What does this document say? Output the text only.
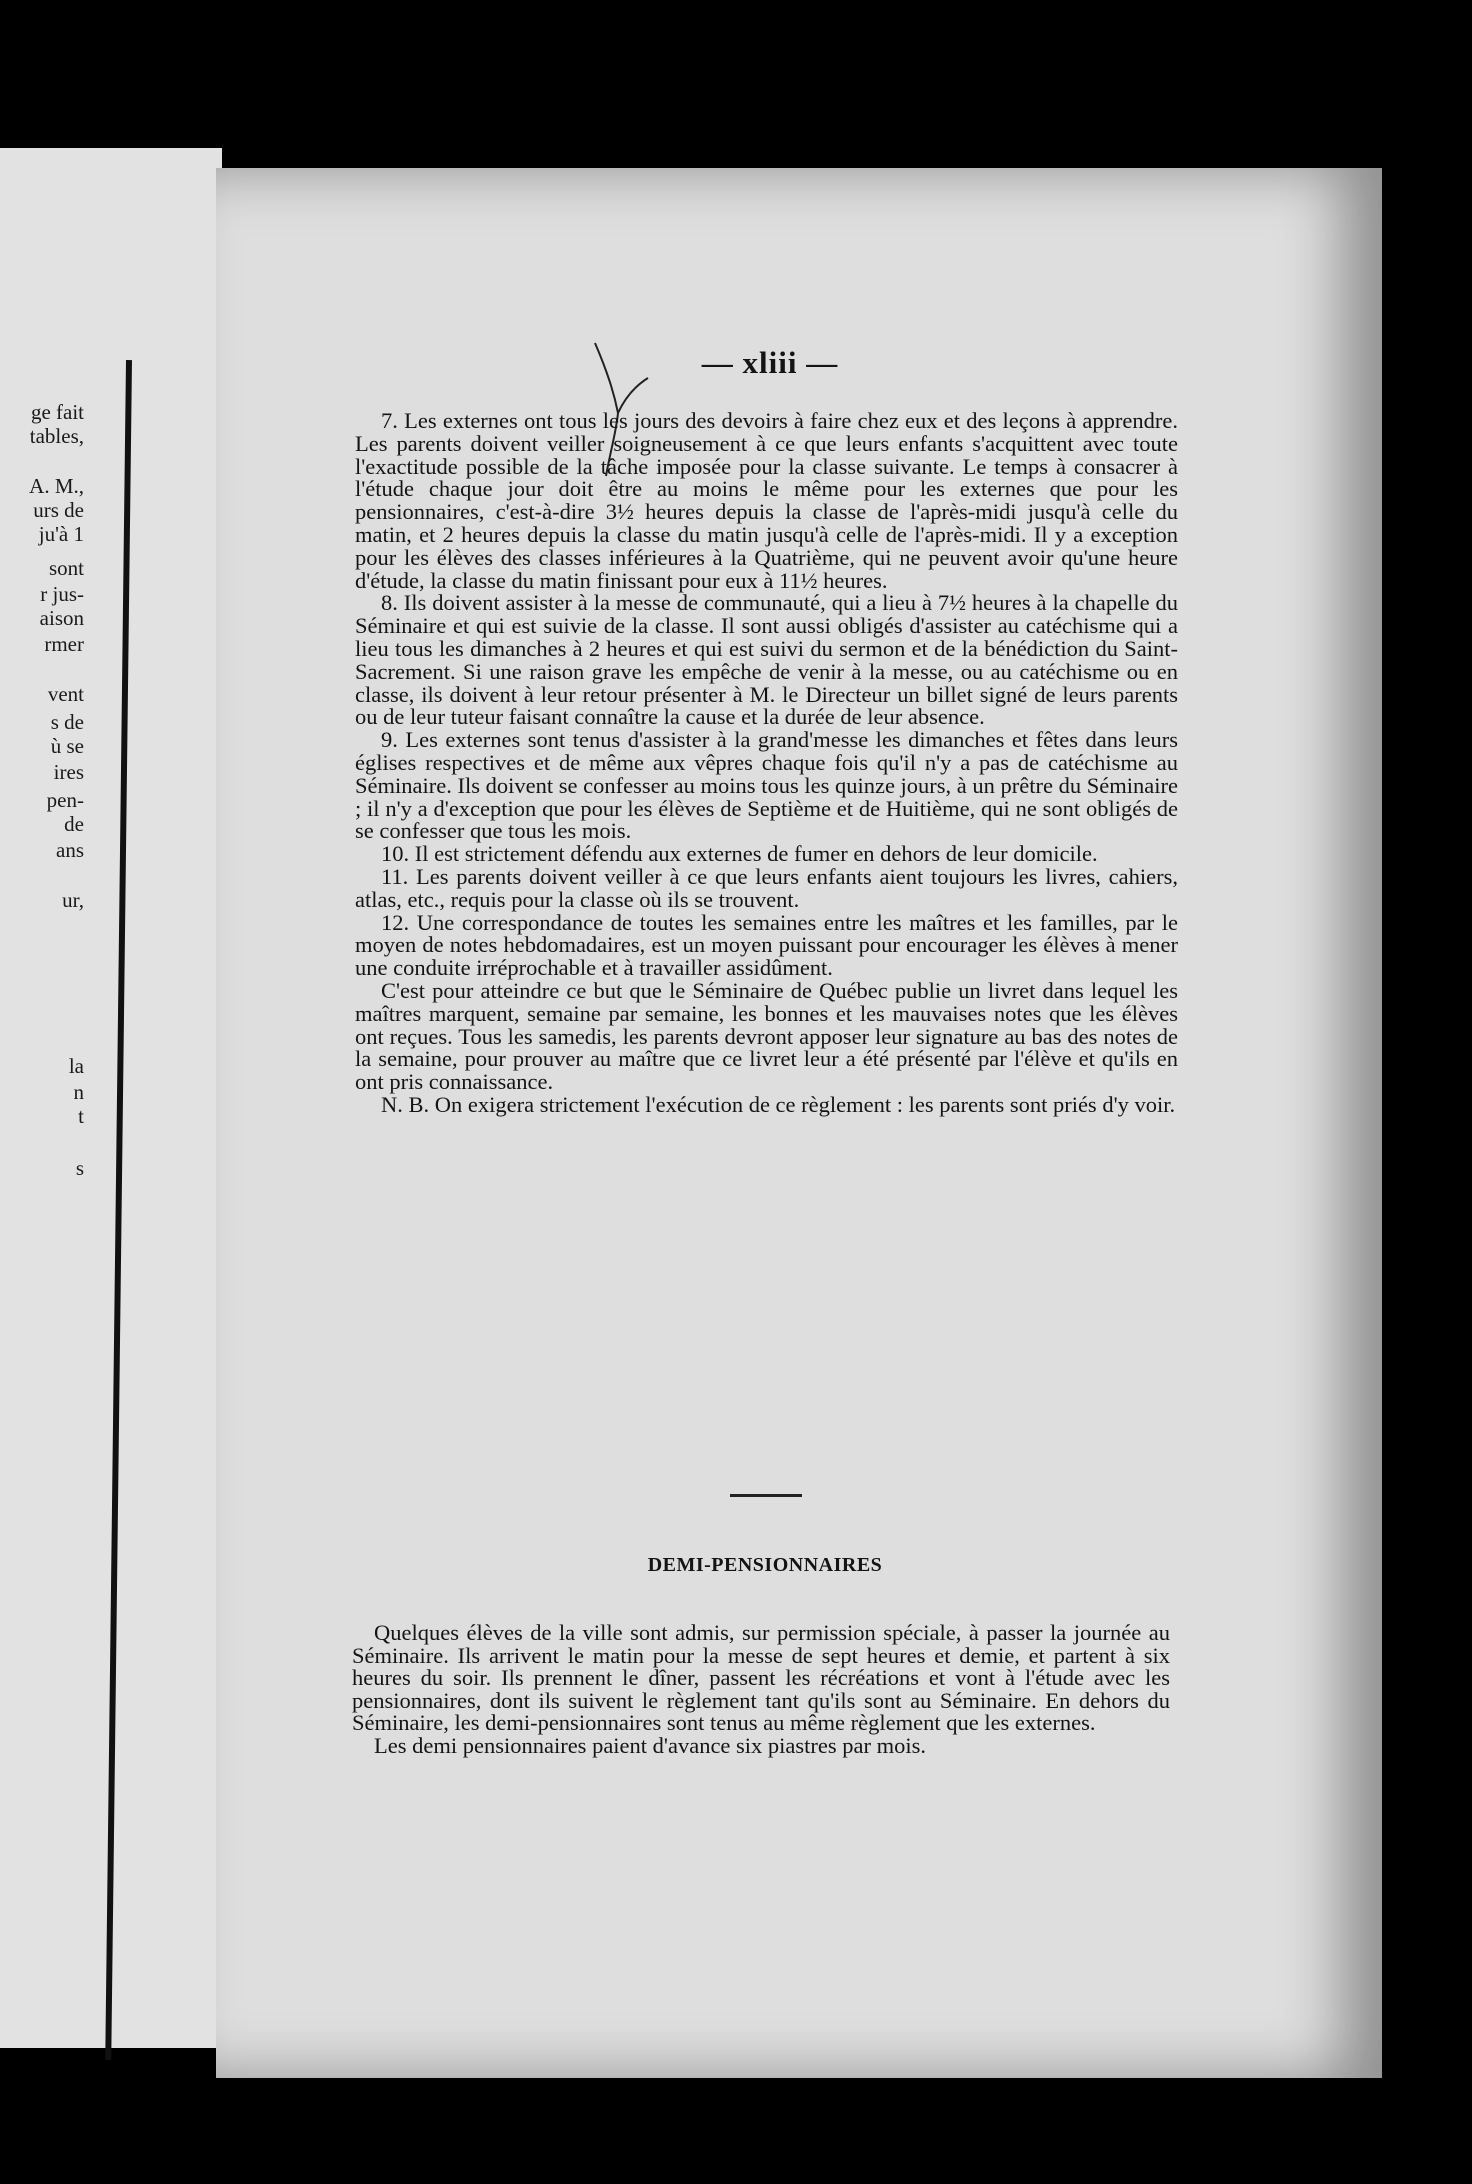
ge fait
tables,
A. M.,
urs de
ju'à 1
sont
r jus-
aison
rmer
vent
s de
ù se
ires
pen-
de
ans
ur,
la
n
t
s
— xliii —

7. Les externes ont tous les jours des devoirs à faire chez eux et des leçons à apprendre. Les parents doivent veiller soigneusement à ce que leurs enfants s'acquittent avec toute l'exactitude possible de la tâche imposée pour la classe suivante. Le temps à consacrer à l'étude chaque jour doit être au moins le même pour les externes que pour les pensionnaires, c'est-à-dire 3½ heures depuis la classe de l'après-midi jusqu'à celle du matin, et 2 heures depuis la classe du matin jusqu'à celle de l'après-midi. Il y a exception pour les élèves des classes inférieures à la Quatrième, qui ne peuvent avoir qu'une heure d'étude, la classe du matin finissant pour eux à 11½ heures.

8. Ils doivent assister à la messe de communauté, qui a lieu à 7½ heures à la chapelle du Séminaire et qui est suivie de la classe. Il sont aussi obligés d'assister au catéchisme qui a lieu tous les dimanches à 2 heures et qui est suivi du sermon et de la bénédiction du Saint-Sacrement. Si une raison grave les empêche de venir à la messe, ou au catéchisme ou en classe, ils doivent à leur retour présenter à M. le Directeur un billet signé de leurs parents ou de leur tuteur faisant connaître la cause et la durée de leur absence.

9. Les externes sont tenus d'assister à la grand'messe les dimanches et fêtes dans leurs églises respectives et de même aux vêpres chaque fois qu'il n'y a pas de catéchisme au Séminaire. Ils doivent se confesser au moins tous les quinze jours, à un prêtre du Séminaire ; il n'y a d'exception que pour les élèves de Septième et de Huitième, qui ne sont obligés de se confesser que tous les mois.

10. Il est strictement défendu aux externes de fumer en dehors de leur domicile.

11. Les parents doivent veiller à ce que leurs enfants aient toujours les livres, cahiers, atlas, etc., requis pour la classe où ils se trouvent.

12. Une correspondance de toutes les semaines entre les maîtres et les familles, par le moyen de notes hebdomadaires, est un moyen puissant pour encourager les élèves à mener une conduite irréprochable et à travailler assidûment.

C'est pour atteindre ce but que le Séminaire de Québec publie un livret dans lequel les maîtres marquent, semaine par semaine, les bonnes et les mauvaises notes que les élèves ont reçues. Tous les samedis, les parents devront apposer leur signature au bas des notes de la semaine, pour prouver au maître que ce livret leur a été présenté par l'élève et qu'ils en ont pris connaissance.

N. B. On exigera strictement l'exécution de ce règlement : les parents sont priés d'y voir.

DEMI-PENSIONNAIRES

Quelques élèves de la ville sont admis, sur permission spéciale, à passer la journée au Séminaire. Ils arrivent le matin pour la messe de sept heures et demie, et partent à six heures du soir. Ils prennent le dîner, passent les récréations et vont à l'étude avec les pensionnaires, dont ils suivent le règlement tant qu'ils sont au Séminaire. En dehors du Séminaire, les demi-pensionnaires sont tenus au même règlement que les externes.

Les demi pensionnaires paient d'avance six piastres par mois.
